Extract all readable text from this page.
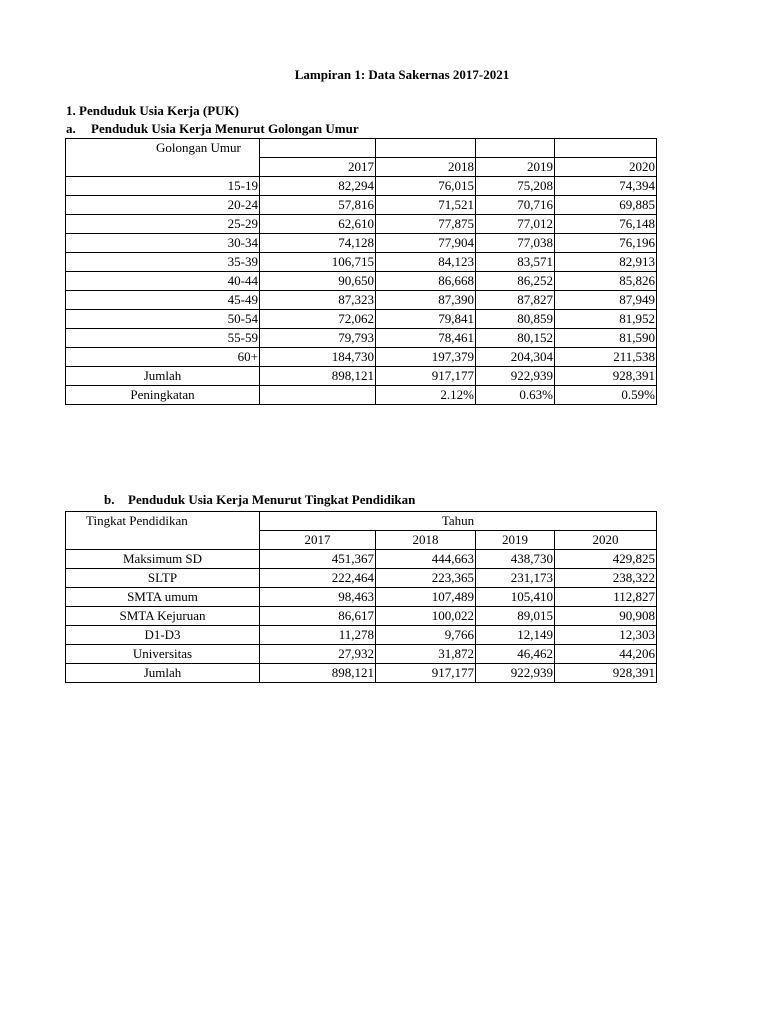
Lampiran 1: Data Sakernas 2017-2021
1. Penduduk Usia Kerja (PUK)
a. Penduduk Usia Kerja Menurut Golongan Umur
Golongan Umur				
	2017	2018	2019	2020
15-19	82,294	76,015	75,208	74,394
20-24	57,816	71,521	70,716	69,885
25-29	62,610	77,875	77,012	76,148
30-34	74,128	77,904	77,038	76,196
35-39	106,715	84,123	83,571	82,913
40-44	90,650	86,668	86,252	85,826
45-49	87,323	87,390	87,827	87,949
50-54	72,062	79,841	80,859	81,952
55-59	79,793	78,461	80,152	81,590
60+	184,730	197,379	204,304	211,538
Jumlah	898,121	917,177	922,939	928,391
Peningkatan		2.12%	0.63%	0.59%
b. Penduduk Usia Kerja Menurut Tingkat Pendidikan
Tingkat Pendidikan	Tahun			
	2017	2018	2019	2020
Maksimum SD	451,367	444,663	438,730	429,825
SLTP	222,464	223,365	231,173	238,322
SMTA umum	98,463	107,489	105,410	112,827
SMTA Kejuruan	86,617	100,022	89,015	90,908
D1-D3	11,278	9,766	12,149	12,303
Universitas	27,932	31,872	46,462	44,206
Jumlah	898,121	917,177	922,939	928,391
